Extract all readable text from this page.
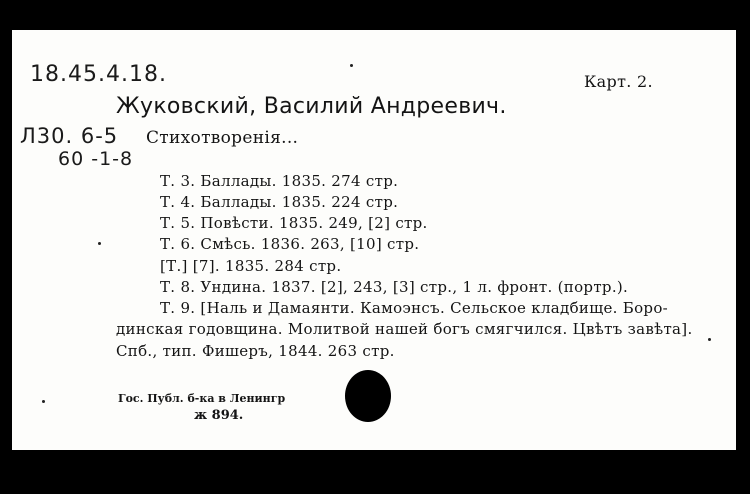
18.45.4.18.	Карт. 2.
Жуковский, Василий Андреевич.
Л30. 6-5
60 -1-8
Стихотворенія...
Т. 3. Баллады. 1835. 274 стр.
Т. 4. Баллады. 1835. 224 стр.
Т. 5. Повѣсти. 1835. 249, [2] стр.
Т. 6. Смѣсь. 1836. 263, [10] стр.
[Т.] [7]. 1835. 284 стр.
Т. 8. Ундина. 1837. [2], 243, [3] стр., 1 л. фронт. (портр.).
Т. 9. [Наль и Дамаянти. Камоэнсъ. Сельское кладбище. Боро-
динская годовщина. Молитвой нашей богъ смягчился. Цвѣтъ завѣта].
Спб., тип. Фишеръ, 1844. 263 стр.
Гос. Публ. б-ка в Ленингр
ж 894.
